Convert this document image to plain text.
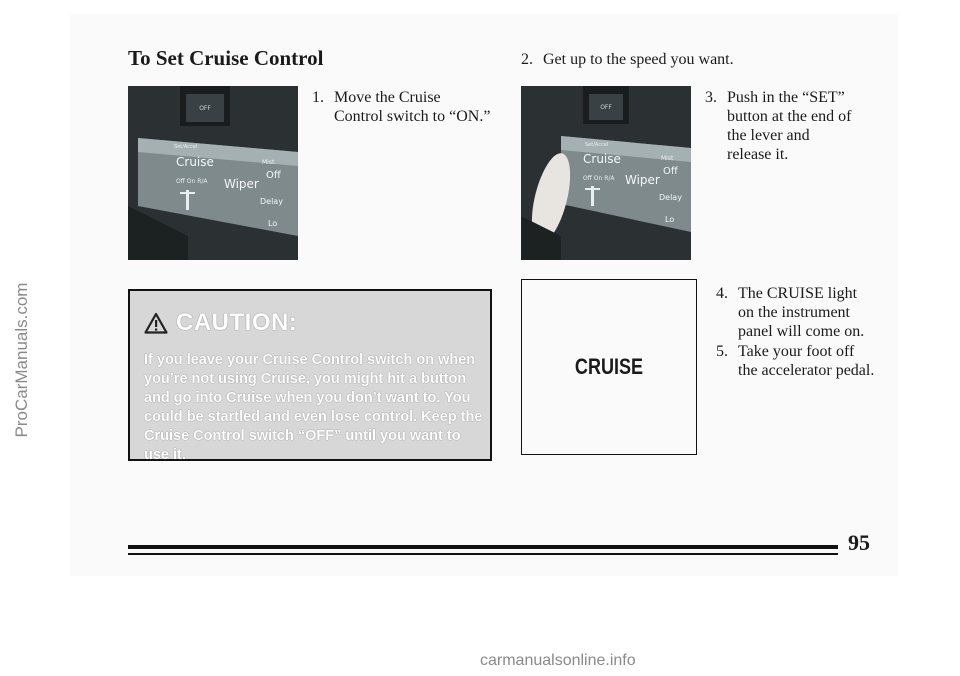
ProCarManuals.com
To Set Cruise Control
OFF
Set/Accel
Cruise
Off On R/A
Mist
Off
Wiper
Delay
Lo
1. Move the Cruise Control switch to “ON.”
2. Get up to the speed you want.
OFF
Set/Accel
Cruise
Off On R/A
Mist
Off
Wiper
Delay
Lo
3. Push in the “SET” button at the end of the lever and release it.
CAUTION:
If you leave your Cruise Control switch on when you’re not using Cruise, you might hit a button and go into Cruise when you don’t want to. You could be startled and even lose control. Keep the Cruise Control switch “OFF” until you want to use it.
CRUISE
4. The CRUISE light on the instrument panel will come on.
5. Take your foot off the accelerator pedal.
95
carmanualsonline.info
